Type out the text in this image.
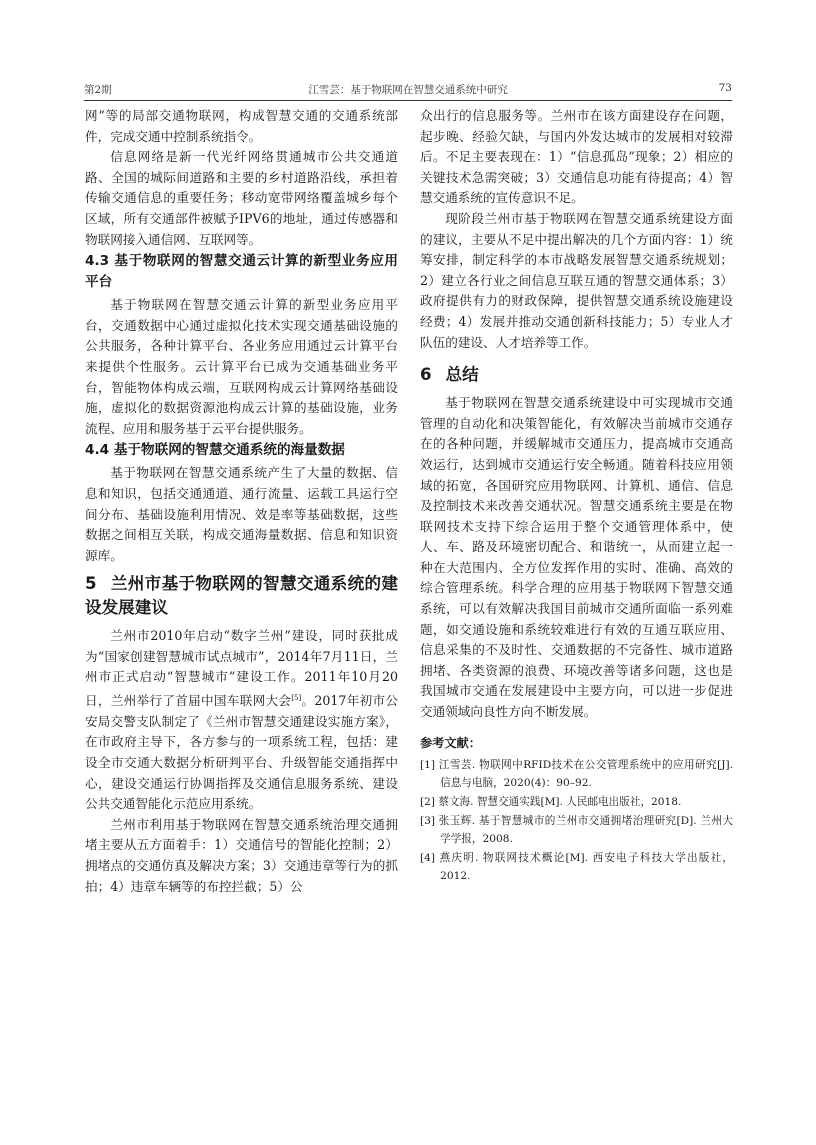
第2期	江雪芸：基于物联网在智慧交通系统中研究	73

网”等的局部交通物联网，构成智慧交通的交通系统部件，完成交通中控制系统指令。

信息网络是新一代光纤网络贯通城市公共交通道路、全国的城际间道路和主要的乡村道路沿线，承担着传输交通信息的重要任务；移动宽带网络覆盖城乡每个区域，所有交通部件被赋予IPV6的地址，通过传感器和物联网接入通信网、互联网等。

4.3 基于物联网的智慧交通云计算的新型业务应用平台

基于物联网在智慧交通云计算的新型业务应用平台，交通数据中心通过虚拟化技术实现交通基础设施的公共服务，各种计算平台、各业务应用通过云计算平台来提供个性服务。云计算平台已成为交通基础业务平台，智能物体构成云端，互联网构成云计算网络基础设施，虚拟化的数据资源池构成云计算的基础设施，业务流程、应用和服务基于云平台提供服务。

4.4 基于物联网的智慧交通系统的海量数据

基于物联网在智慧交通系统产生了大量的数据、信息和知识，包括交通通道、通行流量、运载工具运行空间分布、基础设施利用情况、效是率等基础数据，这些数据之间相互关联，构成交通海量数据、信息和知识资源库。

5 兰州市基于物联网的智慧交通系统的建设发展建议

兰州市2010年启动“数字兰州”建设，同时获批成为“国家创建智慧城市试点城市”，2014年7月11日，兰州市正式启动“智慧城市”建设工作。2011年10月20日，兰州举行了首届中国车联网大会[5]。2017年初市公安局交警支队制定了《兰州市智慧交通建设实施方案》，在市政府主导下，各方参与的一项系统工程，包括：建设全市交通大数据分析研判平台、升级智能交通指挥中心，建设交通运行协调指挥及交通信息服务系统、建设公共交通智能化示范应用系统。

兰州市利用基于物联网在智慧交通系统治理交通拥堵主要从五方面着手：1）交通信号的智能化控制；2）拥堵点的交通仿真及解决方案；3）交通违章等行为的抓拍；4）违章车辆等的布控拦截；5）公

众出行的信息服务等。兰州市在该方面建设存在问题，起步晚、经验欠缺，与国内外发达城市的发展相对较滞后。不足主要表现在：1）“信息孤岛”现象；2）相应的关键技术急需突破；3）交通信息功能有待提高；4）智慧交通系统的宣传意识不足。

现阶段兰州市基于物联网在智慧交通系统建设方面的建议，主要从不足中提出解决的几个方面内容：1）统筹安排，制定科学的本市战略发展智慧交通系统规划；2）建立各行业之间信息互联互通的智慧交通体系；3）政府提供有力的财政保障，提供智慧交通系统设施建设经费；4）发展并推动交通创新科技能力；5）专业人才队伍的建设、人才培养等工作。

6 总结

基于物联网在智慧交通系统建设中可实现城市交通管理的自动化和决策智能化，有效解决当前城市交通存在的各种问题，并缓解城市交通压力，提高城市交通高效运行，达到城市交通运行安全畅通。随着科技应用领域的拓宽，各国研究应用物联网、计算机、通信、信息及控制技术来改善交通状况。智慧交通系统主要是在物联网技术支持下综合运用于整个交通管理体系中，使人、车、路及环境密切配合、和谐统一，从而建立起一种在大范围内、全方位发挥作用的实时、准确、高效的综合管理系统。科学合理的应用基于物联网下智慧交通系统，可以有效解决我国目前城市交通所面临一系列难题，如交通设施和系统较难进行有效的互通互联应用、信息采集的不及时性、交通数据的不完备性、城市道路拥堵、各类资源的浪费、环境改善等诸多问题，这也是我国城市交通在发展建设中主要方向，可以进一步促进交通领域向良性方向不断发展。

参考文献：
[1] 江雪芸. 物联网中RFID技术在公交管理系统中的应用研究[J]. 信息与电脑，2020(4)：90–92.
[2] 蔡文海. 智慧交通实践[M]. 人民邮电出版社，2018.
[3] 张玉辉. 基于智慧城市的兰州市交通拥堵治理研究[D]. 兰州大学学报，2008.
[4] 燕庆明. 物联网技术概论[M]. 西安电子科技大学出版社，2012.
